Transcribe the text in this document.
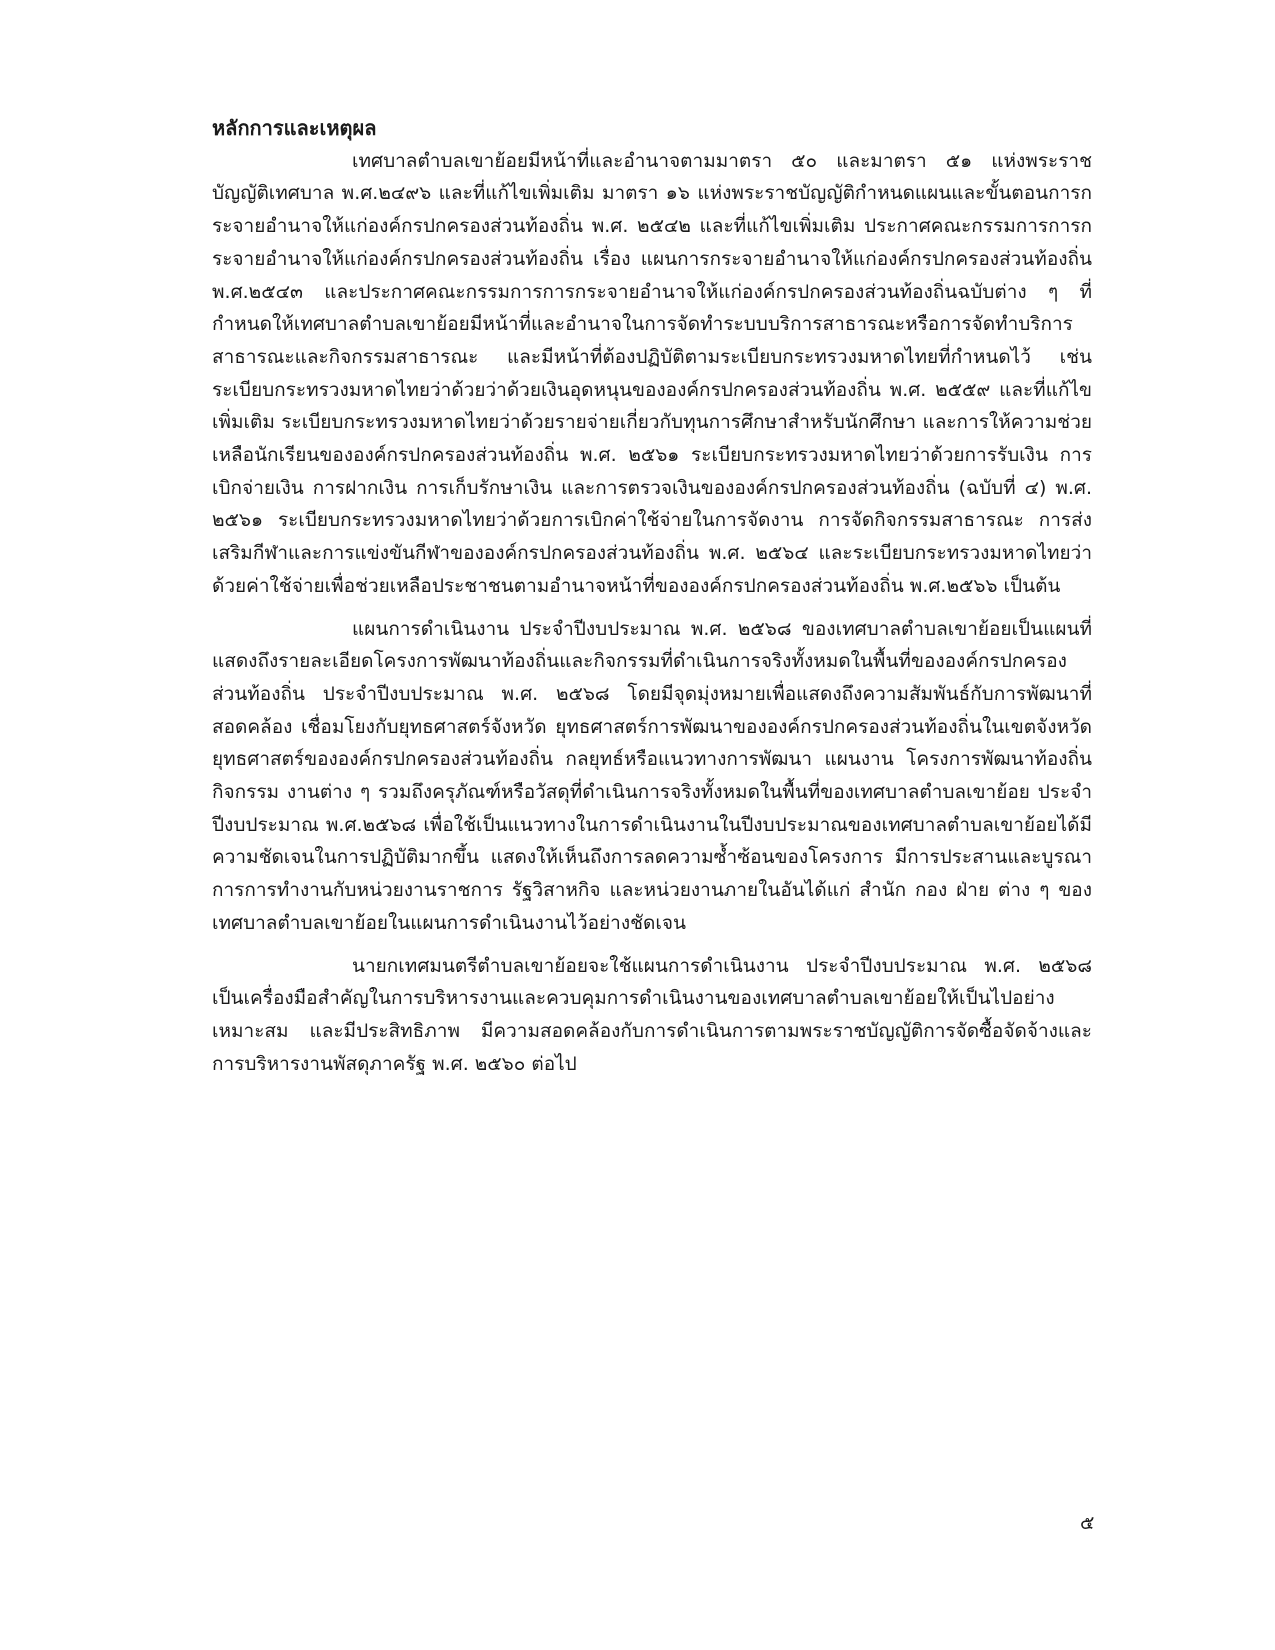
หลักการและเหตุผล

เทศบาลตำบลเขาย้อยมีหน้าที่และอำนาจตามมาตรา ๕๐ และมาตรา ๕๑ แห่งพระราชบัญญัติเทศบาล พ.ศ.๒๔๙๖ และที่แก้ไขเพิ่มเติม มาตรา ๑๖ แห่งพระราชบัญญัติกำหนดแผนและขั้นตอนการกระจายอำนาจให้แก่องค์กรปกครองส่วนท้องถิ่น พ.ศ. ๒๕๔๒ และที่แก้ไขเพิ่มเติม ประกาศคณะกรรมการการกระจายอำนาจให้แก่องค์กรปกครองส่วนท้องถิ่น เรื่อง แผนการกระจายอำนาจให้แก่องค์กรปกครองส่วนท้องถิ่น พ.ศ.๒๕๔๓ และประกาศคณะกรรมการการกระจายอำนาจให้แก่องค์กรปกครองส่วนท้องถิ่นฉบับต่าง ๆ ที่กำหนดให้เทศบาลตำบลเขาย้อยมีหน้าที่และอำนาจในการจัดทำระบบบริการสาธารณะหรือการจัดทำบริการสาธารณะและกิจกรรมสาธารณะ และมีหน้าที่ต้องปฏิบัติตามระเบียบกระทรวงมหาดไทยที่กำหนดไว้ เช่น ระเบียบกระทรวงมหาดไทยว่าด้วยว่าด้วยเงินอุดหนุนขององค์กรปกครองส่วนท้องถิ่น พ.ศ. ๒๕๕๙ และที่แก้ไขเพิ่มเติม ระเบียบกระทรวงมหาดไทยว่าด้วยรายจ่ายเกี่ยวกับทุนการศึกษาสำหรับนักศึกษา และการให้ความช่วยเหลือนักเรียนขององค์กรปกครองส่วนท้องถิ่น พ.ศ. ๒๕๖๑ ระเบียบกระทรวงมหาดไทยว่าด้วยการรับเงิน การเบิกจ่ายเงิน การฝากเงิน การเก็บรักษาเงิน และการตรวจเงินขององค์กรปกครองส่วนท้องถิ่น (ฉบับที่ ๔) พ.ศ. ๒๕๖๑ ระเบียบกระทรวงมหาดไทยว่าด้วยการเบิกค่าใช้จ่ายในการจัดงาน การจัดกิจกรรมสาธารณะ การส่งเสริมกีฬาและการแข่งขันกีฬาขององค์กรปกครองส่วนท้องถิ่น พ.ศ. ๒๕๖๔ และระเบียบกระทรวงมหาดไทยว่าด้วยค่าใช้จ่ายเพื่อช่วยเหลือประชาชนตามอำนาจหน้าที่ขององค์กรปกครองส่วนท้องถิ่น พ.ศ.๒๕๖๖ เป็นต้น

แผนการดำเนินงาน ประจำปีงบประมาณ พ.ศ. ๒๕๖๘ ของเทศบาลตำบลเขาย้อยเป็นแผนที่แสดงถึงรายละเอียดโครงการพัฒนาท้องถิ่นและกิจกรรมที่ดำเนินการจริงทั้งหมดในพื้นที่ขององค์กรปกครองส่วนท้องถิ่น ประจำปีงบประมาณ พ.ศ. ๒๕๖๘ โดยมีจุดมุ่งหมายเพื่อแสดงถึงความสัมพันธ์กับการพัฒนาที่สอดคล้อง เชื่อมโยงกับยุทธศาสตร์จังหวัด ยุทธศาสตร์การพัฒนาขององค์กรปกครองส่วนท้องถิ่นในเขตจังหวัด ยุทธศาสตร์ขององค์กรปกครองส่วนท้องถิ่น กลยุทธ์หรือแนวทางการพัฒนา แผนงาน โครงการพัฒนาท้องถิ่น กิจกรรม งานต่าง ๆ รวมถึงครุภัณฑ์หรือวัสดุที่ดำเนินการจริงทั้งหมดในพื้นที่ของเทศบาลตำบลเขาย้อย ประจำปีงบประมาณ พ.ศ.๒๕๖๘ เพื่อใช้เป็นแนวทางในการดำเนินงานในปีงบประมาณของเทศบาลตำบลเขาย้อยได้มีความชัดเจนในการปฏิบัติมากขึ้น แสดงให้เห็นถึงการลดความซ้ำซ้อนของโครงการ มีการประสานและบูรณาการการทำงานกับหน่วยงานราชการ รัฐวิสาหกิจ และหน่วยงานภายในอันได้แก่ สำนัก กอง ฝ่าย ต่าง ๆ ของเทศบาลตำบลเขาย้อยในแผนการดำเนินงานไว้อย่างชัดเจน

นายกเทศมนตรีตำบลเขาย้อยจะใช้แผนการดำเนินงาน ประจำปีงบประมาณ พ.ศ. ๒๕๖๘ เป็นเครื่องมือสำคัญในการบริหารงานและควบคุมการดำเนินงานของเทศบาลตำบลเขาย้อยให้เป็นไปอย่างเหมาะสม และมีประสิทธิภาพ มีความสอดคล้องกับการดำเนินการตามพระราชบัญญัติการจัดซื้อจัดจ้างและการบริหารงานพัสดุภาครัฐ พ.ศ. ๒๕๖๐ ต่อไป

๕
